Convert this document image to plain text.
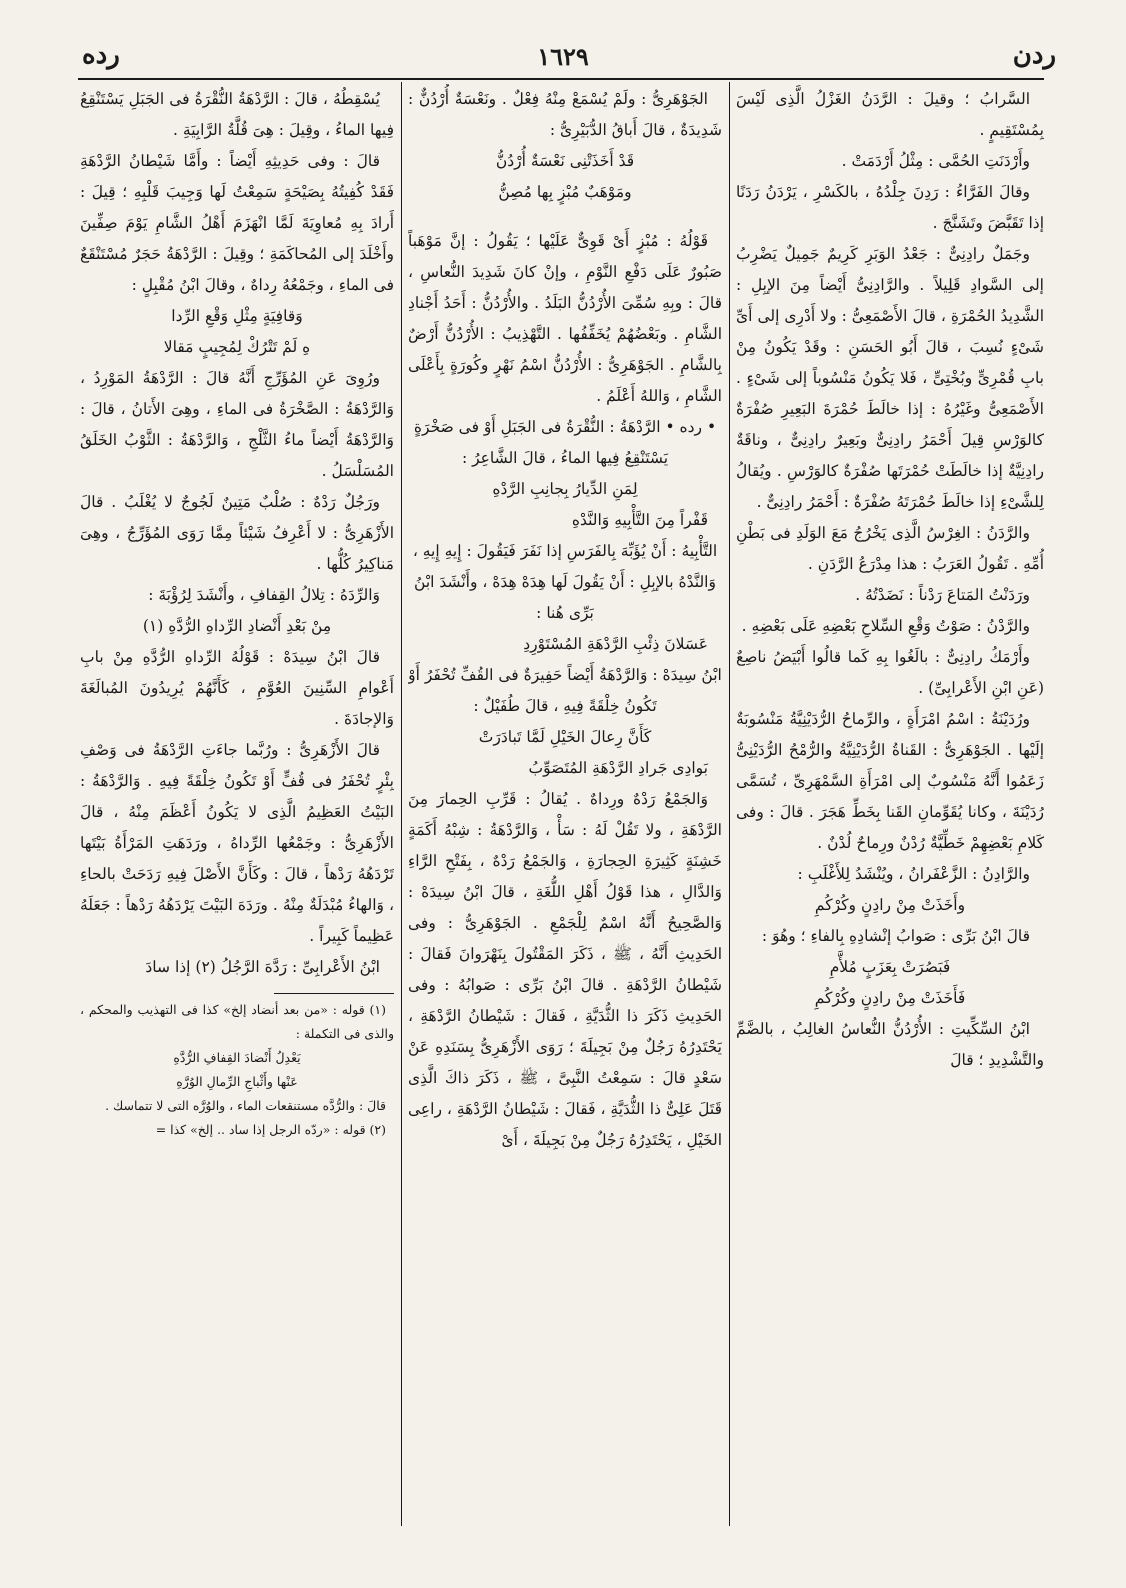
ردن
١٦٢٩
رده

السَّرابُ ؛ وقيلَ : الرَّدَنُ الغَزْلُ الَّذِى لَيْسَ بِمُسْتَقِيمٍ .

وأَرْدَنَتِ الحُمَّى : مِثْلُ أَرْدَمَتْ .

وقالَ الفَرَّاءُ : رَدِنَ جِلْدُهُ ، بالكَسْرِ ، يَرْدَنُ رَدَنًا إذا تَقَبَّضَ وتَشَنَّجَ .

وجَمَلٌ رادِنِىٌّ : جَعْدُ الوَبَرِ كَرِيمٌ جَمِيلٌ يَضْرِبُ إلى السَّوادِ قَلِيلاً . والرَّادِنِىُّ أَيْضاً مِنَ الإبِلِ : الشَّدِيدُ الحُمْرَةِ ، قالَ الأَصْمَعِىُّ : ولا أَدْرِى إلى أَىِّ شَىْءٍ نُسِبَ ، قالَ أَبُو الحَسَنِ : وقَدْ يَكُونُ مِنْ بابِ قُمْرِىٍّ وبُخْتِىٍّ ، فَلا يَكُونُ مَنْسُوباً إلى شَىْءٍ . الأَصْمَعِىُّ وغَيْرُهُ : إذا خالَطَ حُمْرَةَ البَعِيرِ صُفْرَةٌ كالوَرْسِ قِيلَ أَحْمَرُ رادِنِىٌّ وبَعِيرٌ رادِنِىٌّ ، وناقَةٌ رادِنِيَّةٌ إذا خالَطَتْ حُمْرَتَها صُفْرَةٌ كالوَرْسِ . ويُقالُ لِلشَّىْءِ إذا خالَطَ حُمْرَتَهُ صُفْرَةٌ : أَحْمَرُ رادِنِىٌّ .

والرَّدَنُ : الغِرْسُ الَّذِى يَخْرُجُ مَعَ الوَلَدِ فى بَطْنِ أُمِّهِ . تَقُولُ العَرَبُ : هذا مِدْرَعُ الرَّدَنِ .

ورَدَنْتُ المَتاعَ رَدْناً : نَضَدْتُهُ .

والرَّدْنُ : صَوْتُ وَقْعِ السِّلاحِ بَعْضِهِ عَلَى بَعْضِهِ .

وأَرْمَكُ رادِنِىٌّ : بالَغُوا بِهِ كَما قالُوا أَبْيَضُ ناصِعٌ (عَنِ ابْنِ الأَعْرابِىِّ) .

ورُدَيْنَةُ : اسْمُ امْرَأَةٍ ، والرِّماحُ الرُّدَيْنِيَّةُ مَنْسُوبَةٌ إلَيْها . الجَوْهَرِىُّ : القَناةُ الرُّدَيْنِيَّةُ والرُّمْحُ الرُّدَيْنِىُّ زَعَمُوا أَنَّهُ مَنْسُوبٌ إلى امْرَأَةِ السَّمْهَرِىِّ ، تُسَمَّى رُدَيْنَةَ ، وكانا يُقَوِّمانِ القَنا بِخَطِّ هَجَرَ . قالَ : وفى كَلامِ بَعْضِهِمْ خَطِّيَّةٌ رُدْنٌ ورِماحٌ لُدْنٌ .

والرَّادِنُ : الزَّعْفَرانُ ، ويُنْشَدُ لِلأَغْلَبِ :

وأَخَذَتْ مِنْ رادِنٍ وكُرْكُمِ

قالَ ابْنُ بَرِّى : صَوابُ إنْشادِهِ بِالفاءِ ؛ وهُوَ :

فَبَصُرَتْ بِعَزَبٍ مُلأَّمِ

فَأَخَذَتْ مِنْ رادِنٍ وكُرْكُمِ

ابْنُ السِّكِّيتِ : الأُرْدُنُّ النُّعاسُ الغالِبُ ، بالضَّمِّ والتَّشْدِيدِ ؛ قالَ

الجَوْهَرِىُّ : ولَمْ يُسْمَعْ مِنْهُ فِعْلٌ . ونَعْسَةٌ أُرْدُنٌّ : شَدِيدَةٌ ، قالَ أَباقُ الدُّبَيْرِىُّ :

قَدْ أَخَذَتْنِى نَعْسَةٌ أُرْدُنُّ

ومَوْهَبٌ مُبْزٍ بِها مُصِنُّ

قَوْلُهُ : مُبْزٍ أَىْ قَوِىٌّ عَلَيْها ؛ يَقُولُ : إنَّ مَوْهَباً صَبُورٌ عَلَى دَفْعِ النَّوْمِ ، وإنْ كانَ شَدِيدَ النُّعاسِ ، قالَ : وبِهِ سُمِّىَ الأُرْدُنُّ البَلَدُ . والأُرْدُنُّ : أَحَدُ أَجْنادِ الشَّامِ . وبَعْضُهُمْ يُخَفِّفُها . التَّهْذِيبُ : الأُرْدُنُّ أَرْضٌ بِالشَّامِ . الجَوْهَرِىُّ : الأُرْدُنُّ اسْمُ نَهْرٍ وكُورَةٍ بِأَعْلَى الشَّامِ ، وَاللهُ أَعْلَمُ .

• رده • الرَّدْهَةُ : النُّقْرَةُ فى الجَبَلِ أَوْ فى صَخْرَةٍ يَسْتَنْقِعُ فِيها الماءُ ، قالَ الشَّاعِرُ :

لِمَنِ الدِّيارُ بِجانِبِ الرَّدْهِ

قَفْراً مِنَ التَّأْبِيهِ وَالنَّدْهِ

التَّأْبِيهُ : أَنْ يُؤَبِّهَ بِالفَرَسِ إذا نَفَرَ فَيَقُولَ : إِيهِ إِيهِ ، وَالنَّدْهُ بالإبِلِ : أَنْ يَقُولَ لَها هِدَهْ هِدَهْ ، وأَنْشَدَ ابْنُ بَرِّى هُنا :

عَسَلانَ ذِئْبِ الرَّدْهَةِ المُسْتَوْرِدِ

ابْنُ سِيدَهْ : وَالرَّدْهَةُ أَيْضاً حَفِيرَةٌ فى القُفِّ تُحْفَرُ أَوْ تَكُونُ خِلْقَةً فِيهِ ، قالَ طُفَيْلٌ :

كَأَنَّ رِعالَ الخَيْلِ لَمَّا تَبادَرَتْ

بَوادِى جَرادِ الرَّدْهَةِ المُتَصَوِّبُ

وَالجَمْعُ رَدْهٌ ورِداهٌ . يُقالُ : قَرِّبِ الحِمارَ مِنَ الرَّدْهَةِ ، ولا تَقُلْ لَهُ : سَأْ ، وَالرَّدْهَةُ : شِبْهُ أَكَمَةٍ خَشِنَةٍ كَثِيرَةِ الحِجارَةِ ، وَالجَمْعُ رَدْهٌ ، بِفَتْحِ الرَّاءِ وَالدَّالِ ، هذا قَوْلُ أَهْلِ اللُّغَةِ ، قالَ ابْنُ سِيدَهْ : وَالصَّحِيحُ أَنَّهُ اسْمٌ لِلْجَمْعِ . الجَوْهَرِىُّ : وفى الحَدِيثِ أَنَّهُ ، ﷺ ، ذَكَرَ المَقْتُولَ بِنَهْرَوانَ فَقالَ : شَيْطانُ الرَّدْهَةِ . قالَ ابْنُ بَرِّى : صَوابُهُ : وفى الحَدِيثِ ذَكَرَ ذا الثُّدَيَّةِ ، فَقالَ : شَيْطانُ الرَّدْهَةِ ، يَحْتَدِرُهُ رَجُلٌ مِنْ بَجِيلَةَ ؛ رَوَى الأَزْهَرِىُّ بِسَنَدِهِ عَنْ سَعْدٍ قالَ : سَمِعْتُ النَّبِىَّ ، ﷺ ، ذَكَرَ ذاكَ الَّذِى قَتَلَ عَلِىٌّ ذا الثُّدَيَّةِ ، فَقالَ : شَيْطانُ الرَّدْهَةِ ، راعِى الخَيْلِ ، يَحْتَدِرُهُ رَجُلٌ مِنْ بَجِيلَةَ ، أَىْ

يُسْقِطُهُ ، قالَ : الرَّدْهَةُ النُّقْرَةُ فى الجَبَلِ يَسْتَنْقِعُ فِيها الماءُ ، وقِيلَ : هِىَ قُلَّةُ الرَّابِيَةِ .

قالَ : وفى حَدِيثِهِ أَيْضاً : وأَمَّا شَيْطانُ الرَّدْهَةِ فَقَدْ كُفِيتُهُ بِصَيْحَةٍ سَمِعْتُ لَها وَجِيبَ قَلْبِهِ ؛ قِيلَ : أَرادَ بِهِ مُعاوِيَةَ لَمَّا انْهَزَمَ أَهْلُ الشَّامِ يَوْمَ صِفِّينَ وأَخْلَدَ إلى المُحاكَمَةِ ؛ وقِيلَ : الرَّدْهَةُ حَجَرٌ مُسْتَنْقَعٌ فى الماءِ ، وجَمْعُهُ رِداهٌ ، وقالَ ابْنُ مُقْبِلٍ :

وَقافِيَةٍ مِثْلِ وَقْعِ الرِّدا

هِ لَمْ تَتْرُكْ لِمُجِيبٍ مَقالا

ورُوِىَ عَنِ المُؤَرِّجِ أَنَّهُ قالَ : الرَّدْهَةُ المَوْرِدُ ، وَالرَّدْهَةُ : الصَّخْرَةُ فى الماءِ ، وهِىَ الأَتانُ ، قالَ : وَالرَّدْهَةُ أَيْضاً ماءُ الثَّلْجِ ، وَالرَّدْهَةُ : الثَّوْبُ الخَلَقُ المُسَلْسَلُ .

ورَجُلٌ رَدْهٌ : صُلْبٌ مَتِينٌ لَجُوجٌ لا يُغْلَبُ . قالَ الأَزْهَرِىُّ : لا أَعْرِفُ شَيْئاً مِمَّا رَوَى المُؤَرِّجُ ، وهِىَ مَناكِيرُ كُلُّها .

وَالرِّدَهُ : تِلالُ القِفافِ ، وأَنْشَدَ لِرُؤْبَةَ :

مِنْ بَعْدِ أَنْضادِ الرِّداهِ الرُّدَّهِ (١)

قالَ ابْنُ سِيدَهْ : قَوْلُهُ الرِّداهِ الرُّدَّهِ مِنْ بابِ أَعْوامِ السِّنِينَ العُوَّمِ ، كَأَنَّهُمْ يُرِيدُونَ المُبالَغَةَ وَالإجادَةَ .

قالَ الأَزْهَرِىُّ : ورُبَّما جاءَتِ الرَّدْهَةُ فى وَصْفِ بِئْرٍ تُحْفَرُ فى قُفٍّ أَوْ تَكُونُ خِلْقَةً فِيهِ . وَالرَّدْهَةُ : البَيْتُ العَظِيمُ الَّذِى لا يَكُونُ أَعْظَمَ مِنْهُ ، قالَ الأَزْهَرِىُّ : وجَمْعُها الرِّداهُ ، ورَدَهَتِ المَرْأَةُ بَيْتَها تَرْدَهُهُ رَدْهاً ، قالَ : وكَأَنَّ الأَصْلَ فِيهِ رَدَحَتْ بالحاءِ ، وَالهاءُ مُبْدَلَةٌ مِنْهُ . ورَدَهَ البَيْتَ يَرْدَهُهُ رَدْهاً : جَعَلَهُ عَظِيماً كَبِيراً .

ابْنُ الأَعْرابِىِّ : رَدَّهَ الرَّجُلُ (٢) إذا سادَ

(١) قوله : «من بعد أنضاد إلخ» كذا فى التهذيب والمحكم ، والذى فى التكملة :

يَعْدِلُ أَنْضادَ القِفافِ الرُّدَّهِ

عَنْها وأَثْباجِ الرِّمالِ الوُرَّهِ

قالَ : والرُّدَّه مستنقعات الماء ، والوُرَّه التى لا تتماسك .

(٢) قوله : «ردّه الرجل إذا ساد .. إلخ» كذا =
